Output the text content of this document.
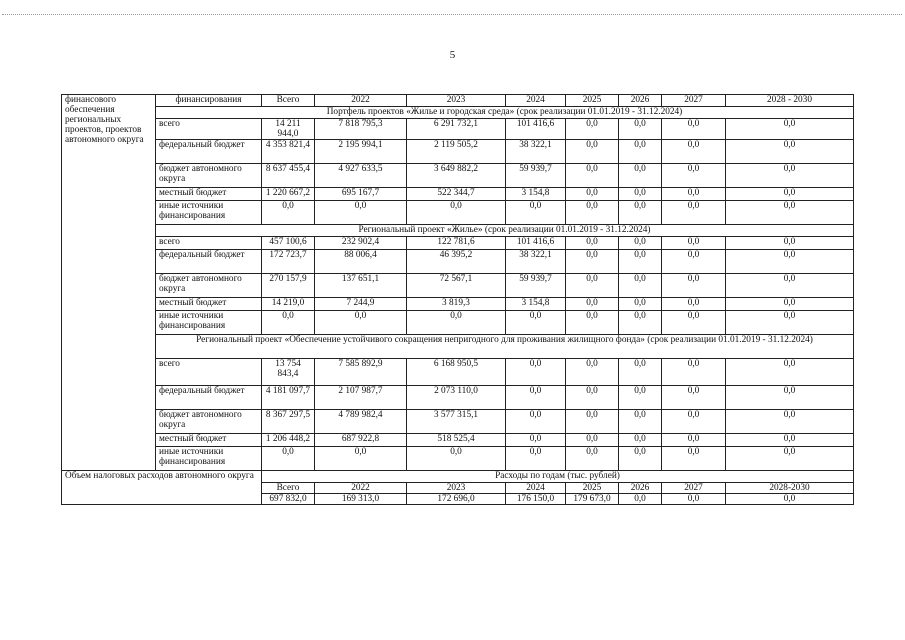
5
финансового обеспечения региональных проектов, проектов автономного округа	финансирования	Всего	2022	2023	2024	2025	2026	2027	2028 - 2030
	Портфель проектов «Жилье и городская среда» (срок реализации 01.01.2019 - 31.12.2024)								
	всего	14 211 944,0	7 818 795,3	6 291 732,1	101 416,6	0,0	0,0	0,0	0,0
	федеральный бюджет	4 353 821,4	2 195 994,1	2 119 505,2	38 322,1	0,0	0,0	0,0	0,0
	бюджет автономного округа	8 637 455,4	4 927 633,5	3 649 882,2	59 939,7	0,0	0,0	0,0	0,0
	местный бюджет	1 220 667,2	695 167,7	522 344,7	3 154,8	0,0	0,0	0,0	0,0
	иные источники финансирования	0,0	0,0	0,0	0,0	0,0	0,0	0,0	0,0
	Региональный проект «Жилье» (срок реализации 01.01.2019 - 31.12.2024)								
	всего	457 100,6	232 902,4	122 781,6	101 416,6	0,0	0,0	0,0	0,0
	федеральный бюджет	172 723,7	88 006,4	46 395,2	38 322,1	0,0	0,0	0,0	0,0
	бюджет автономного округа	270 157,9	137 651,1	72 567,1	59 939,7	0,0	0,0	0,0	0,0
	местный бюджет	14 219,0	7 244,9	3 819,3	3 154,8	0,0	0,0	0,0	0,0
	иные источники финансирования	0,0	0,0	0,0	0,0	0,0	0,0	0,0	0,0
	Региональный проект «Обеспечение устойчивого сокращения непригодного для проживания жилищного фонда» (срок реализации 01.01.2019 - 31.12.2024)								
	всего	13 754 843,4	7 585 892,9	6 168 950,5	0,0	0,0	0,0	0,0	0,0
	федеральный бюджет	4 181 097,7	2 107 987,7	2 073 110,0	0,0	0,0	0,0	0,0	0,0
	бюджет автономного округа	8 367 297,5	4 789 982,4	3 577 315,1	0,0	0,0	0,0	0,0	0,0
	местный бюджет	1 206 448,2	687 922,8	518 525,4	0,0	0,0	0,0	0,0	0,0
	иные источники финансирования	0,0	0,0	0,0	0,0	0,0	0,0	0,0	0,0
Объем налоговых расходов автономного округа		Расходы по годам (тыс. рублей)							
		Всего	2022	2023	2024	2025	2026	2027	2028-2030
		697 832,0	169 313,0	172 696,0	176 150,0	179 673,0	0,0	0,0	0,0
